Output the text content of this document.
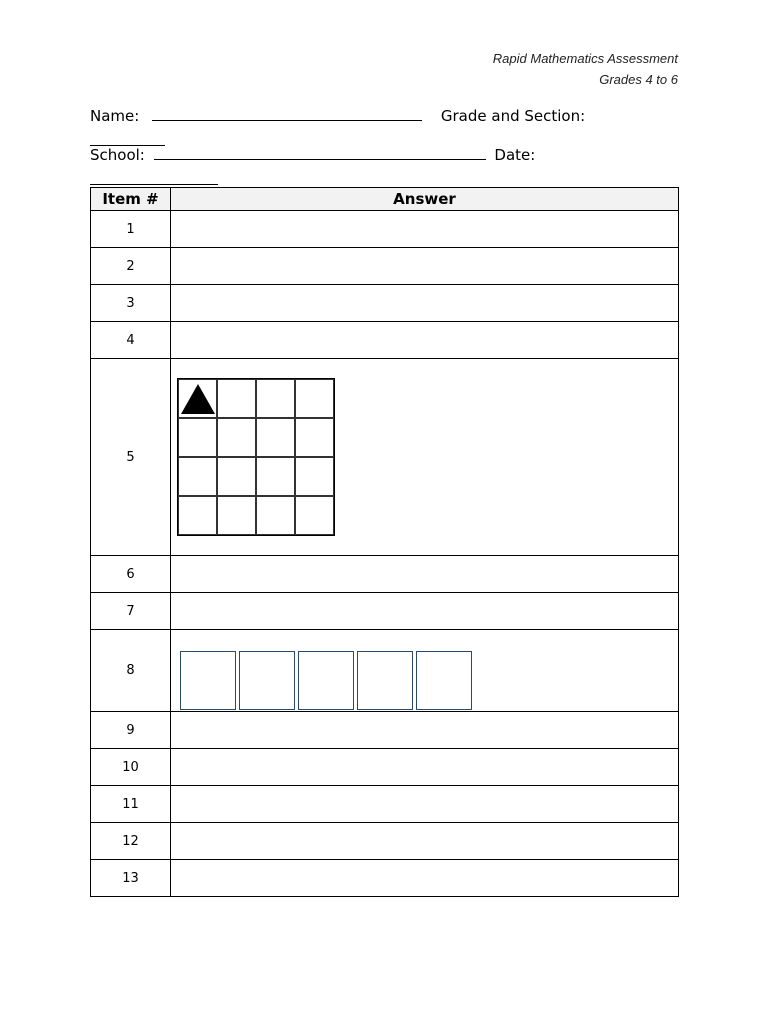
Rapid Mathematics Assessment
Grades 4 to 6
Name:	Grade and Section:
School:	Date:
Item #	Answer
1	
2	
3	
4	
5	

6	
7	
8	

9	
10	
11	
12	
13	
